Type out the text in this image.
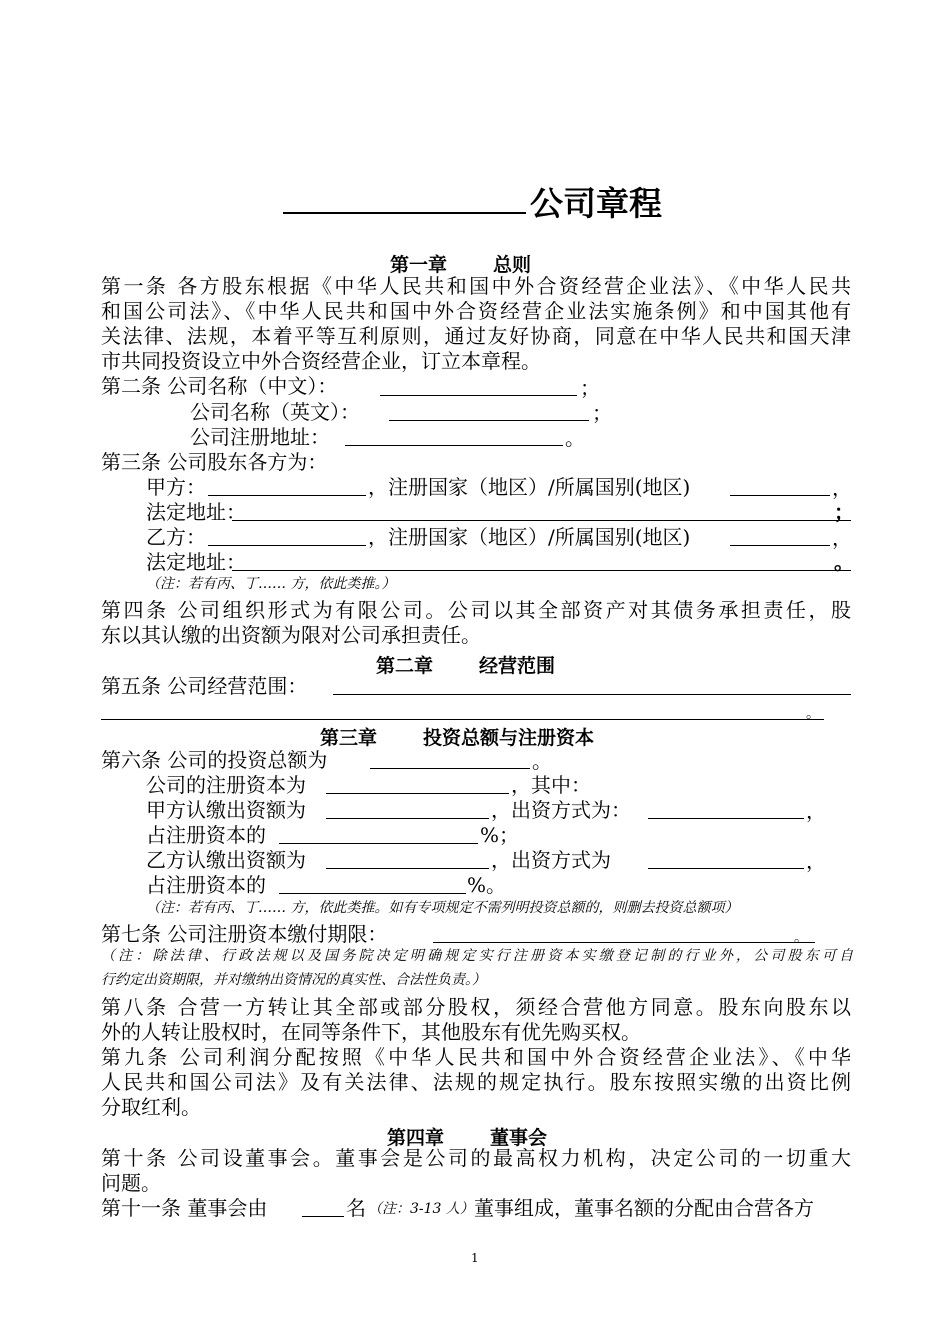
公司章程
第一章 总则
第一条 各方股东根据《中华人民共和国中外合资经营企业法》、《中华人民共
和国公司法》、《中华人民共和国中外合资经营企业法实施条例》和中国其他有
关法律、法规，本着平等互利原则，通过友好协商，同意在中华人民共和国天津
市共同投资设立中外合资经营企业，订立本章程。
第二条 公司名称（中文）：	；
公司名称（英文）：	；
公司注册地址：	。
第三条 公司股东各方为：
甲方：	，注册国家（地区）/所属国别(地区)	，
法定地址：	；
乙方：	，注册国家（地区）/所属国别(地区)	，
法定地址：	。
（注：若有丙、丁…… 方，依此类推。）
第四条 公司组织形式为有限公司。公司以其全部资产对其债务承担责任，股
东以其认缴的出资额为限对公司承担责任。
第二章 经营范围
第五条 公司经营范围：
。
第三章 投资总额与注册资本
第六条 公司的投资总额为	。
公司的注册资本为	，其中：
甲方认缴出资额为	，出资方式为：	，
占注册资本的	%；
乙方认缴出资额为	，出资方式为	，
占注册资本的	%。
（注：若有丙、丁…… 方，依此类推。如有专项规定不需列明投资总额的，则删去投资总额项）
第七条 公司注册资本缴付期限：	。
（注：除法律、行政法规以及国务院决定明确规定实行注册资本实缴登记制的行业外，公司股东可自
行约定出资期限，并对缴纳出资情况的真实性、合法性负责。）
第八条 合营一方转让其全部或部分股权，须经合营他方同意。股东向股东以
外的人转让股权时，在同等条件下，其他股东有优先购买权。
第九条 公司利润分配按照《中华人民共和国中外合资经营企业法》、《中华
人民共和国公司法》及有关法律、法规的规定执行。股东按照实缴的出资比例
分取红利。
第四章 董事会
第十条 公司设董事会。董事会是公司的最高权力机构，决定公司的一切重大
问题。
第十一条 董事会由	名 （注：3-13 人） 董事组成，董事名额的分配由合营各方
1
